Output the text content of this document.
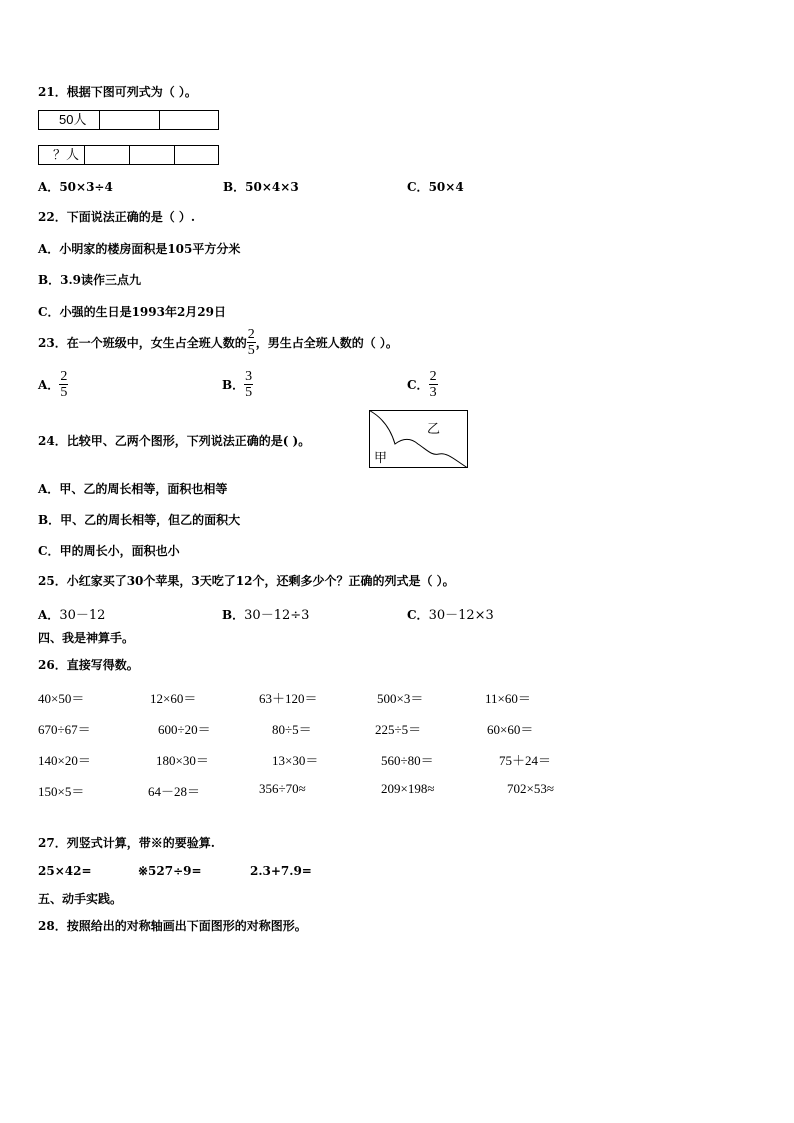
21．根据下图可列式为（ ）。
50人
？人
A．50×3÷4	B．50×4×3	C．50×4
22．下面说法正确的是（ ）.
A．小明家的楼房面积是105平方分米
B．3.9读作三点九
C．小强的生日是1993年2月29日
23．在一个班级中，女生占全班人数的 $\frac{2}{5}$ ，男生占全班人数的（ ）。
A． $\frac{2}{5}$	B． $\frac{3}{5}$	C． $\frac{2}{3}$
24．比较甲、乙两个图形，下列说法正确的是( )。
甲
乙
A．甲、乙的周长相等，面积也相等
B．甲、乙的周长相等，但乙的面积大
C．甲的周长小，面积也小
25．小红家买了30个苹果，3天吃了12个，还剩多少个？正确的列式是（ ）。
A．30－12	B．30－12÷3	C．30－12×3
四、我是神算手。
26．直接写得数。
40×50＝	12×60＝	63＋120＝	500×3＝	11×60＝
670÷67＝	600÷20＝	80÷5＝	225÷5＝	60×60＝
140×20＝	180×30＝	13×30＝	560÷80＝	75＋24＝
150×5＝	64－28＝	356÷70≈	209×198≈	702×53≈
27．列竖式计算，带※的要验算.
25×42=	※527÷9=	2.3+7.9=
五、动手实践。
28．按照给出的对称轴画出下面图形的对称图形。
